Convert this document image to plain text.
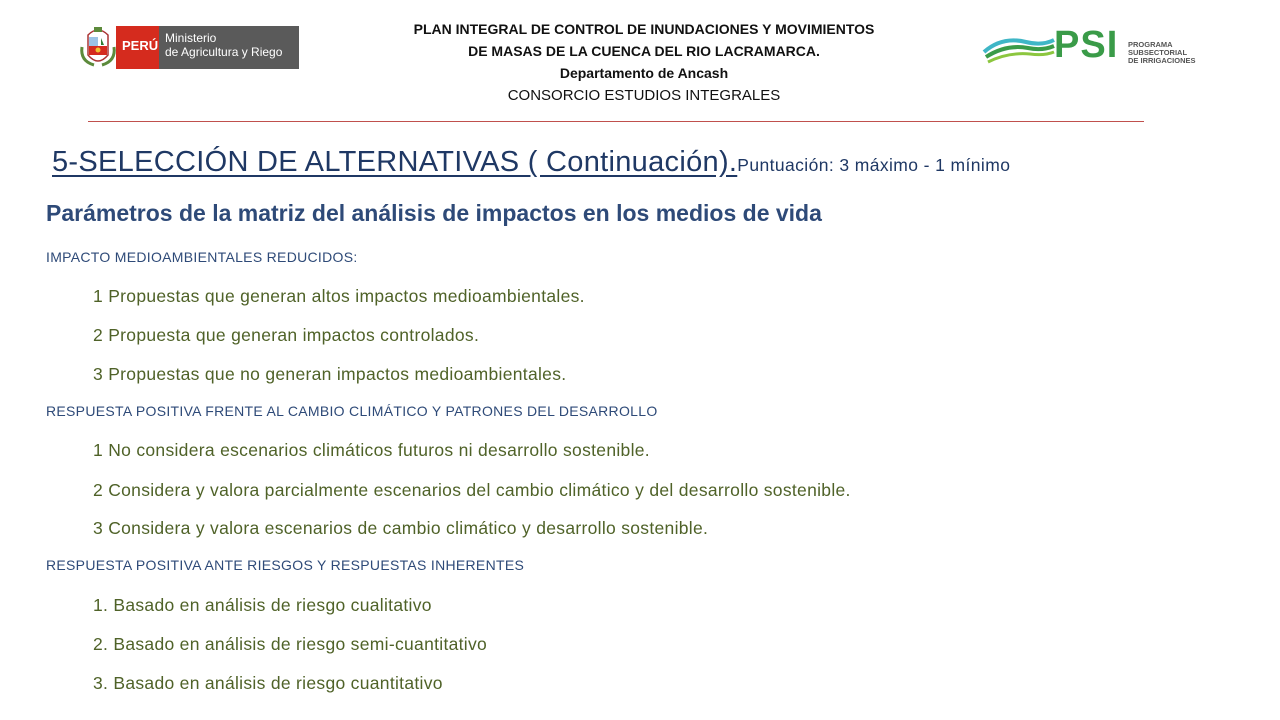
PERÚ Ministerio
de Agricultura y Riego
PLAN INTEGRAL DE CONTROL DE INUNDACIONES Y MOVIMIENTOS
DE MASAS DE LA CUENCA DEL RIO LACRAMARCA.
Departamento de Ancash
CONSORCIO ESTUDIOS INTEGRALES
PSI PROGRAMA
SUBSECTORIAL
DE IRRIGACIONES
5-SELECCIÓN DE ALTERNATIVAS ( Continuación).Puntuación: 3 máximo - 1 mínimo
Parámetros de la matriz del análisis de impactos en los medios de vida
IMPACTO MEDIOAMBIENTALES REDUCIDOS:
1 Propuestas que generan altos impactos medioambientales.
2 Propuesta que generan impactos controlados.
3 Propuestas que no generan impactos medioambientales.
RESPUESTA POSITIVA FRENTE AL CAMBIO CLIMÁTICO Y PATRONES DEL DESARROLLO
1 No considera escenarios climáticos futuros ni desarrollo sostenible.
2 Considera y valora parcialmente escenarios del cambio climático y del desarrollo sostenible.
3 Considera y valora escenarios de cambio climático y desarrollo sostenible.
RESPUESTA POSITIVA ANTE RIESGOS Y RESPUESTAS INHERENTES
1. Basado en análisis de riesgo cualitativo
2. Basado en análisis de riesgo semi-cuantitativo
3. Basado en análisis de riesgo cuantitativo
